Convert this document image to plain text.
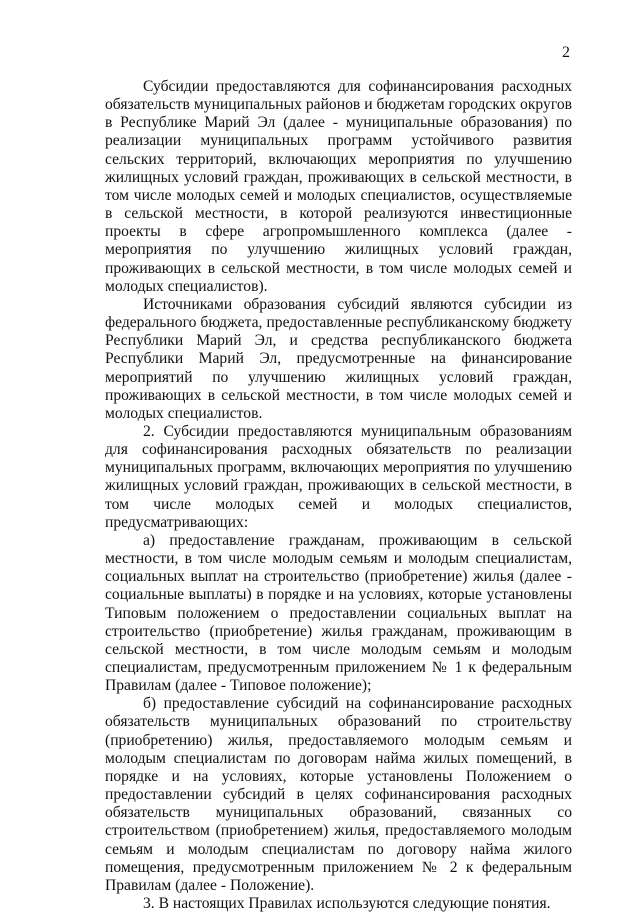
2

Субсидии предоставляются для софинансирования расходных обязательств муниципальных районов и бюджетам городских округов в Республике Марий Эл (далее - муниципальные образования) по реализации муниципальных программ устойчивого развития сельских территорий, включающих мероприятия по улучшению жилищных условий граждан, проживающих в сельской местности, в том числе молодых семей и молодых специалистов, осуществляемые в сельской местности, в которой реализуются инвестиционные проекты в сфере агропромышленного комплекса (далее - мероприятия по улучшению жилищных условий граждан, проживающих в сельской местности, в том числе молодых семей и молодых специалистов).

Источниками образования субсидий являются субсидии из федерального бюджета, предоставленные республиканскому бюджету Республики Марий Эл, и средства республиканского бюджета Республики Марий Эл, предусмотренные на финансирование мероприятий по улучшению жилищных условий граждан, проживающих в сельской местности, в том числе молодых семей и молодых специалистов.

2. Субсидии предоставляются муниципальным образованиям для софинансирования расходных обязательств по реализации муниципальных программ, включающих мероприятия по улучшению жилищных условий граждан, проживающих в сельской местности, в том числе молодых семей и молодых специалистов, предусматривающих:

а) предоставление гражданам, проживающим в сельской местности, в том числе молодым семьям и молодым специалистам, социальных выплат на строительство (приобретение) жилья (далее - социальные выплаты) в порядке и на условиях, которые установлены Типовым положением о предоставлении социальных выплат на строительство (приобретение) жилья гражданам, проживающим в сельской местности, в том числе молодым семьям и молодым специалистам, предусмотренным приложением № 1 к федеральным Правилам (далее - Типовое положение);

б) предоставление субсидий на софинансирование расходных обязательств муниципальных образований по строительству (приобретению) жилья, предоставляемого молодым семьям и молодым специалистам по договорам найма жилых помещений, в порядке и на условиях, которые установлены Положением о предоставлении субсидий в целях софинансирования расходных обязательств муниципальных образований, связанных со строительством (приобретением) жилья, предоставляемого молодым семьям и молодым специалистам по договору найма жилого помещения, предусмотренным приложением № 2 к федеральным Правилам (далее - Положение).

3. В настоящих Правилах используются следующие понятия.
